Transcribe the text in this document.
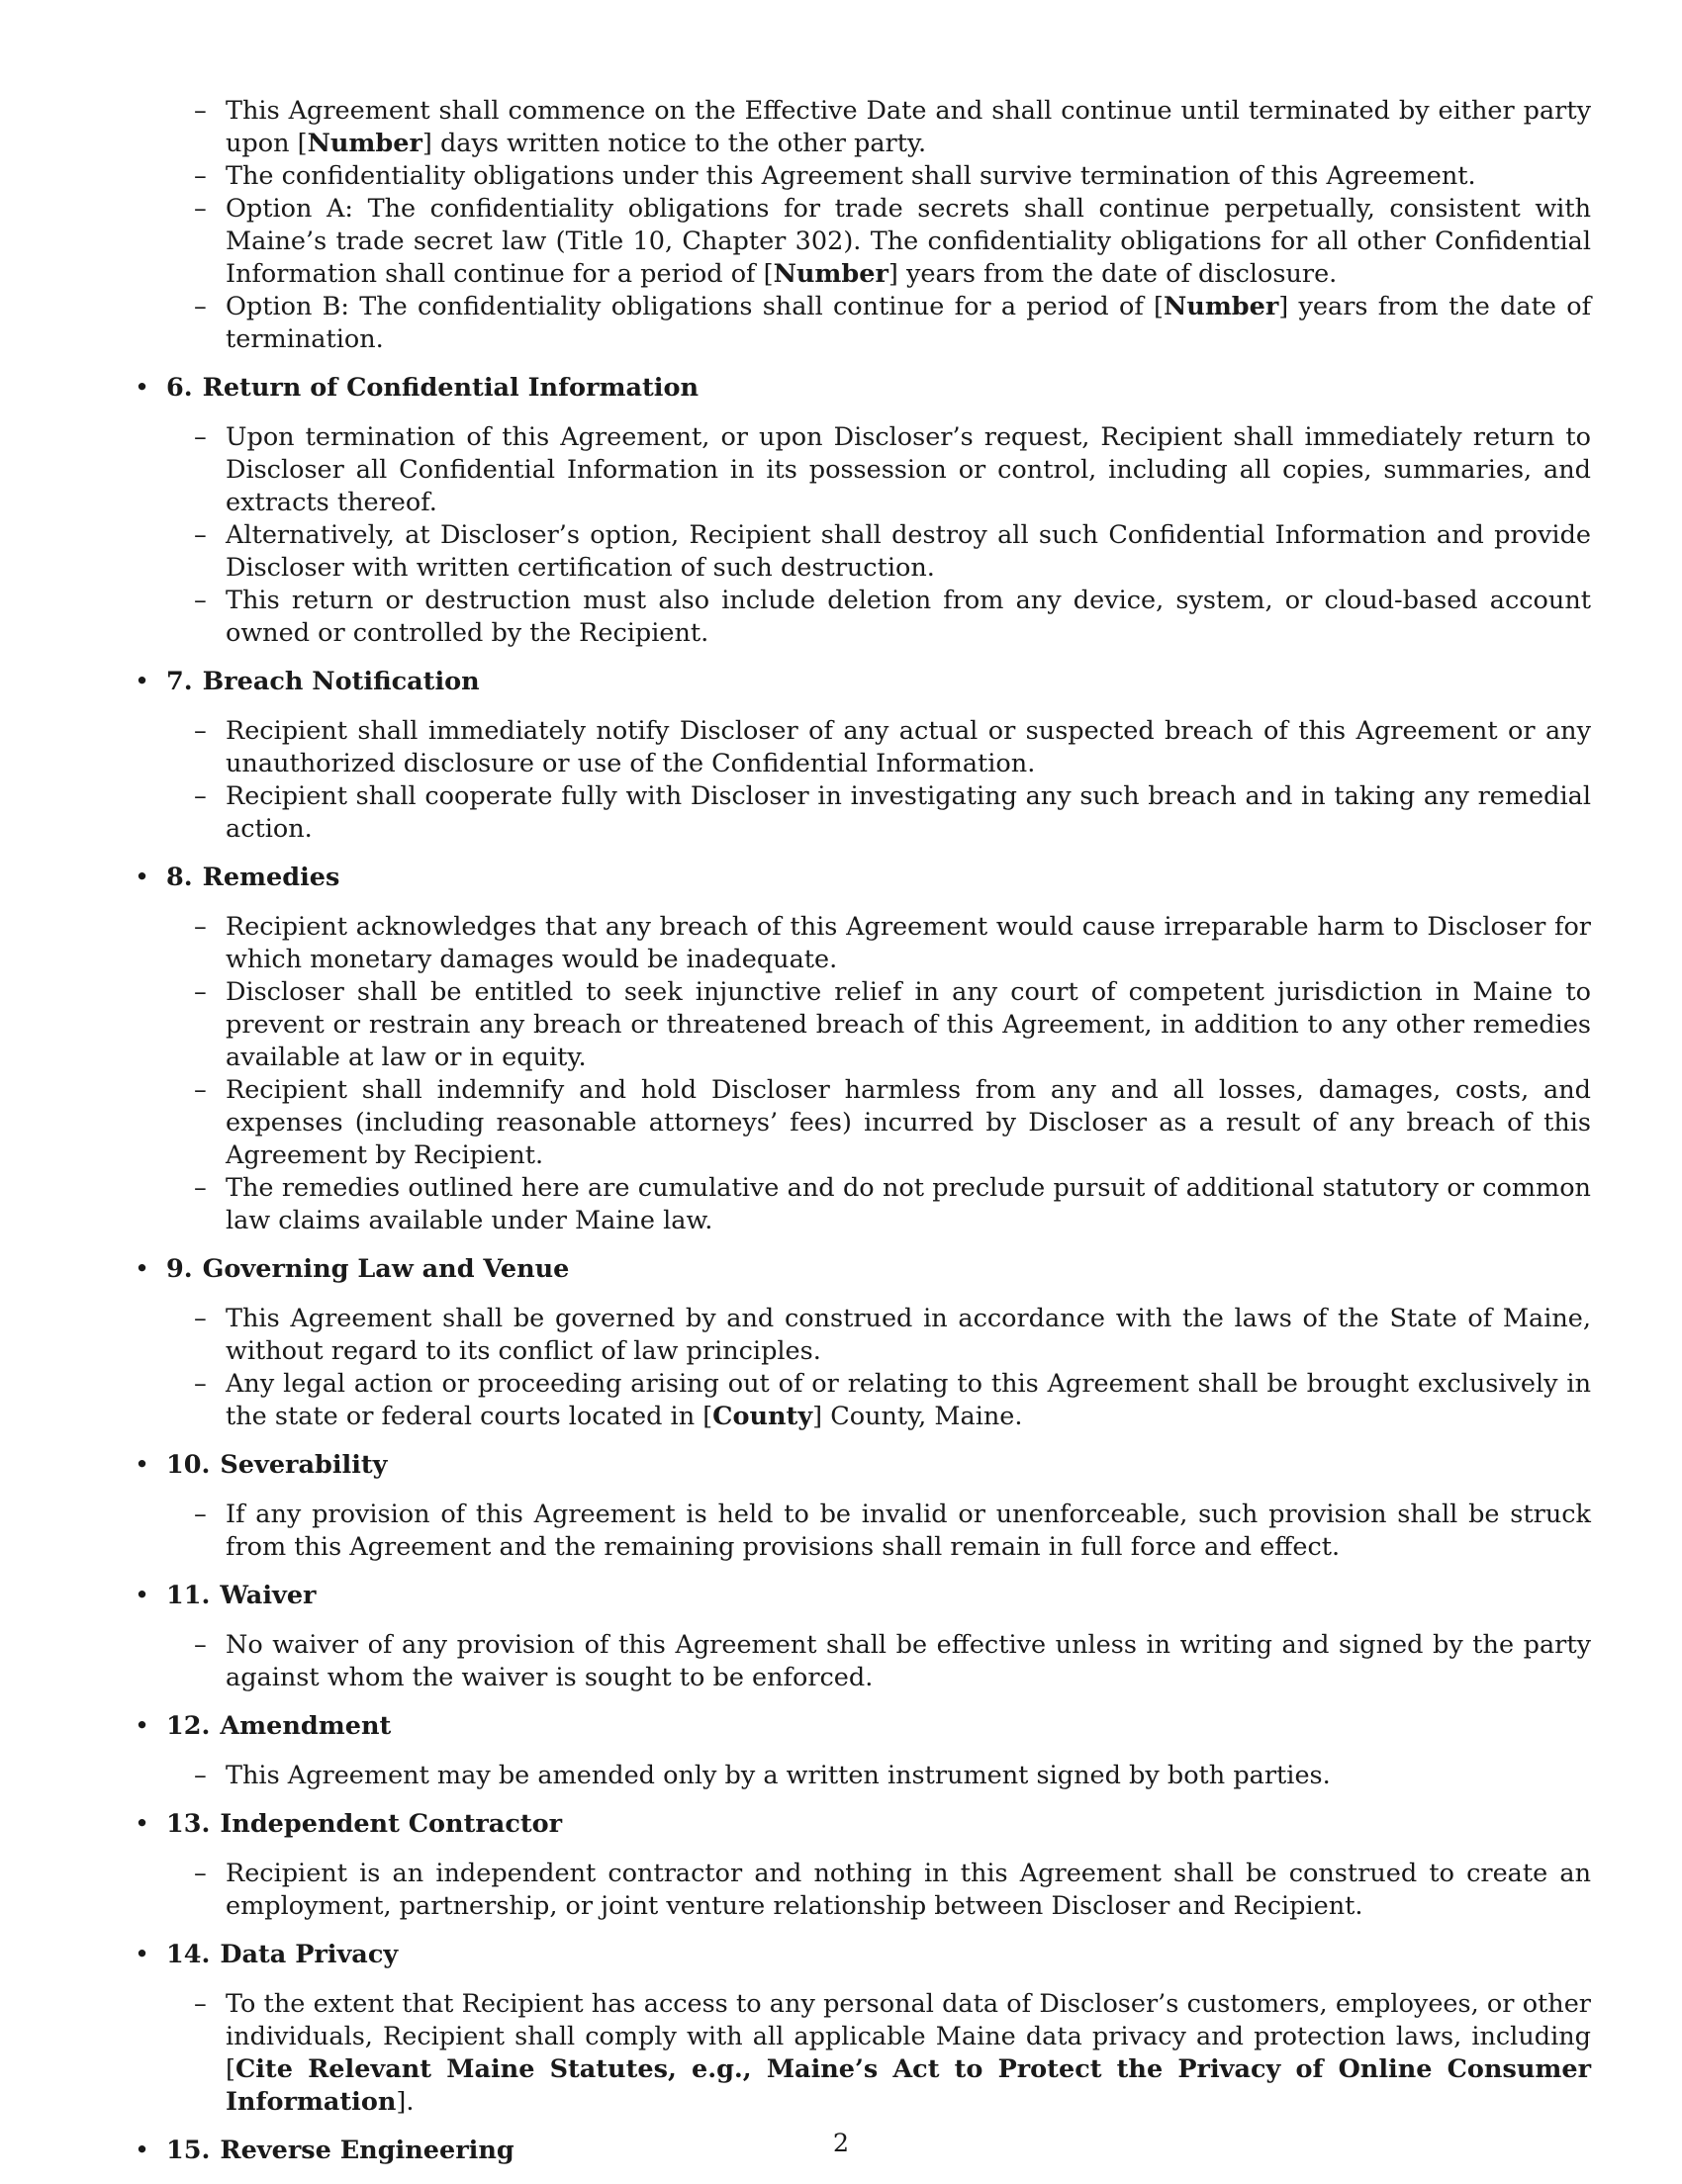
– This Agreement shall commence on the Effective Date and shall continue until terminated by either party upon [Number] days written notice to the other party.
– The confidentiality obligations under this Agreement shall survive termination of this Agreement.
– Option A: The confidentiality obligations for trade secrets shall continue perpetually, consistent with Maine’s trade secret law (Title 10, Chapter 302). The confidentiality obligations for all other Confidential Information shall continue for a period of [Number] years from the date of disclosure.
– Option B: The confidentiality obligations shall continue for a period of [Number] years from the date of termination.
• 6. Return of Confidential Information
– Upon termination of this Agreement, or upon Discloser’s request, Recipient shall immediately return to Discloser all Confidential Information in its possession or control, including all copies, summaries, and extracts thereof.
– Alternatively, at Discloser’s option, Recipient shall destroy all such Confidential Information and provide Discloser with written certification of such destruction.
– This return or destruction must also include deletion from any device, system, or cloud-based account owned or controlled by the Recipient.
• 7. Breach Notification
– Recipient shall immediately notify Discloser of any actual or suspected breach of this Agreement or any unauthorized disclosure or use of the Confidential Information.
– Recipient shall cooperate fully with Discloser in investigating any such breach and in taking any remedial action.
• 8. Remedies
– Recipient acknowledges that any breach of this Agreement would cause irreparable harm to Discloser for which monetary damages would be inadequate.
– Discloser shall be entitled to seek injunctive relief in any court of competent jurisdiction in Maine to prevent or restrain any breach or threatened breach of this Agreement, in addition to any other remedies available at law or in equity.
– Recipient shall indemnify and hold Discloser harmless from any and all losses, damages, costs, and expenses (including reasonable attorneys’ fees) incurred by Discloser as a result of any breach of this Agreement by Recipient.
– The remedies outlined here are cumulative and do not preclude pursuit of additional statutory or common law claims available under Maine law.
• 9. Governing Law and Venue
– This Agreement shall be governed by and construed in accordance with the laws of the State of Maine, without regard to its conflict of law principles.
– Any legal action or proceeding arising out of or relating to this Agreement shall be brought exclusively in the state or federal courts located in [County] County, Maine.
• 10. Severability
– If any provision of this Agreement is held to be invalid or unenforceable, such provision shall be struck from this Agreement and the remaining provisions shall remain in full force and effect.
• 11. Waiver
– No waiver of any provision of this Agreement shall be effective unless in writing and signed by the party against whom the waiver is sought to be enforced.
• 12. Amendment
– This Agreement may be amended only by a written instrument signed by both parties.
• 13. Independent Contractor
– Recipient is an independent contractor and nothing in this Agreement shall be construed to create an employment, partnership, or joint venture relationship between Discloser and Recipient.
• 14. Data Privacy
– To the extent that Recipient has access to any personal data of Discloser’s customers, employees, or other individuals, Recipient shall comply with all applicable Maine data privacy and protection laws, including [Cite Relevant Maine Statutes, e.g., Maine’s Act to Protect the Privacy of Online Consumer Information].
• 15. Reverse Engineering	2
